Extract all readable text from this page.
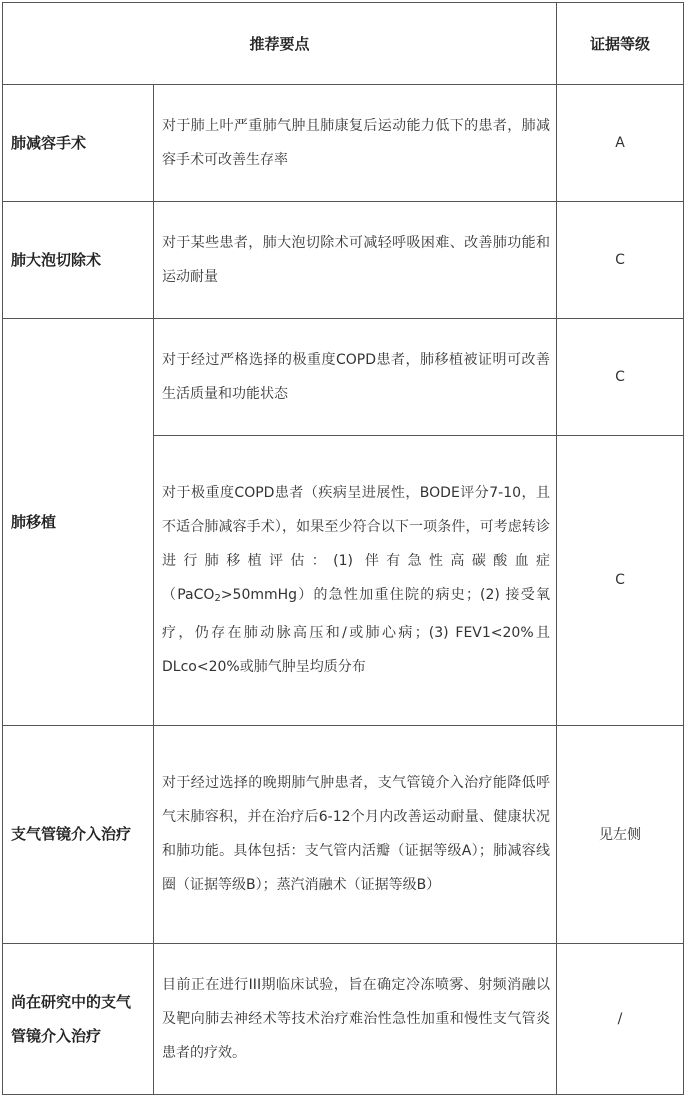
推荐要点		证据等级
肺减容手术	对于肺上叶严重肺气肿且肺康复后运动能力低下的患者，肺减容手术可改善生存率	A
肺大泡切除术	对于某些患者，肺大泡切除术可减轻呼吸困难、改善肺功能和运动耐量	C
肺移植	对于经过严格选择的极重度COPD患者，肺移植被证明可改善生活质量和功能状态	C
	对于极重度COPD患者（疾病呈进展性，BODE评分7-10，且不适合肺减容手术），如果至少符合以下一项条件，可考虑转诊进行肺移植评估：(1) 伴有急性高碳酸血症（PaCO$_2$>50mmHg）的急性加重住院的病史；(2) 接受氧疗，仍存在肺动脉高压和/或肺心病；(3) FEV1<20%且DLco<20%或肺气肿呈均质分布	C
支气管镜介入治疗	对于经过选择的晚期肺气肿患者，支气管镜介入治疗能降低呼气末肺容积，并在治疗后6-12个月内改善运动耐量、健康状况和肺功能。具体包括：支气管内活瓣（证据等级A）；肺减容线圈（证据等级B）；蒸汽消融术（证据等级B）	见左侧
尚在研究中的支气管镜介入治疗	目前正在进行III期临床试验，旨在确定冷冻喷雾、射频消融以及靶向肺去神经术等技术治疗难治性急性加重和慢性支气管炎患者的疗效。	/
